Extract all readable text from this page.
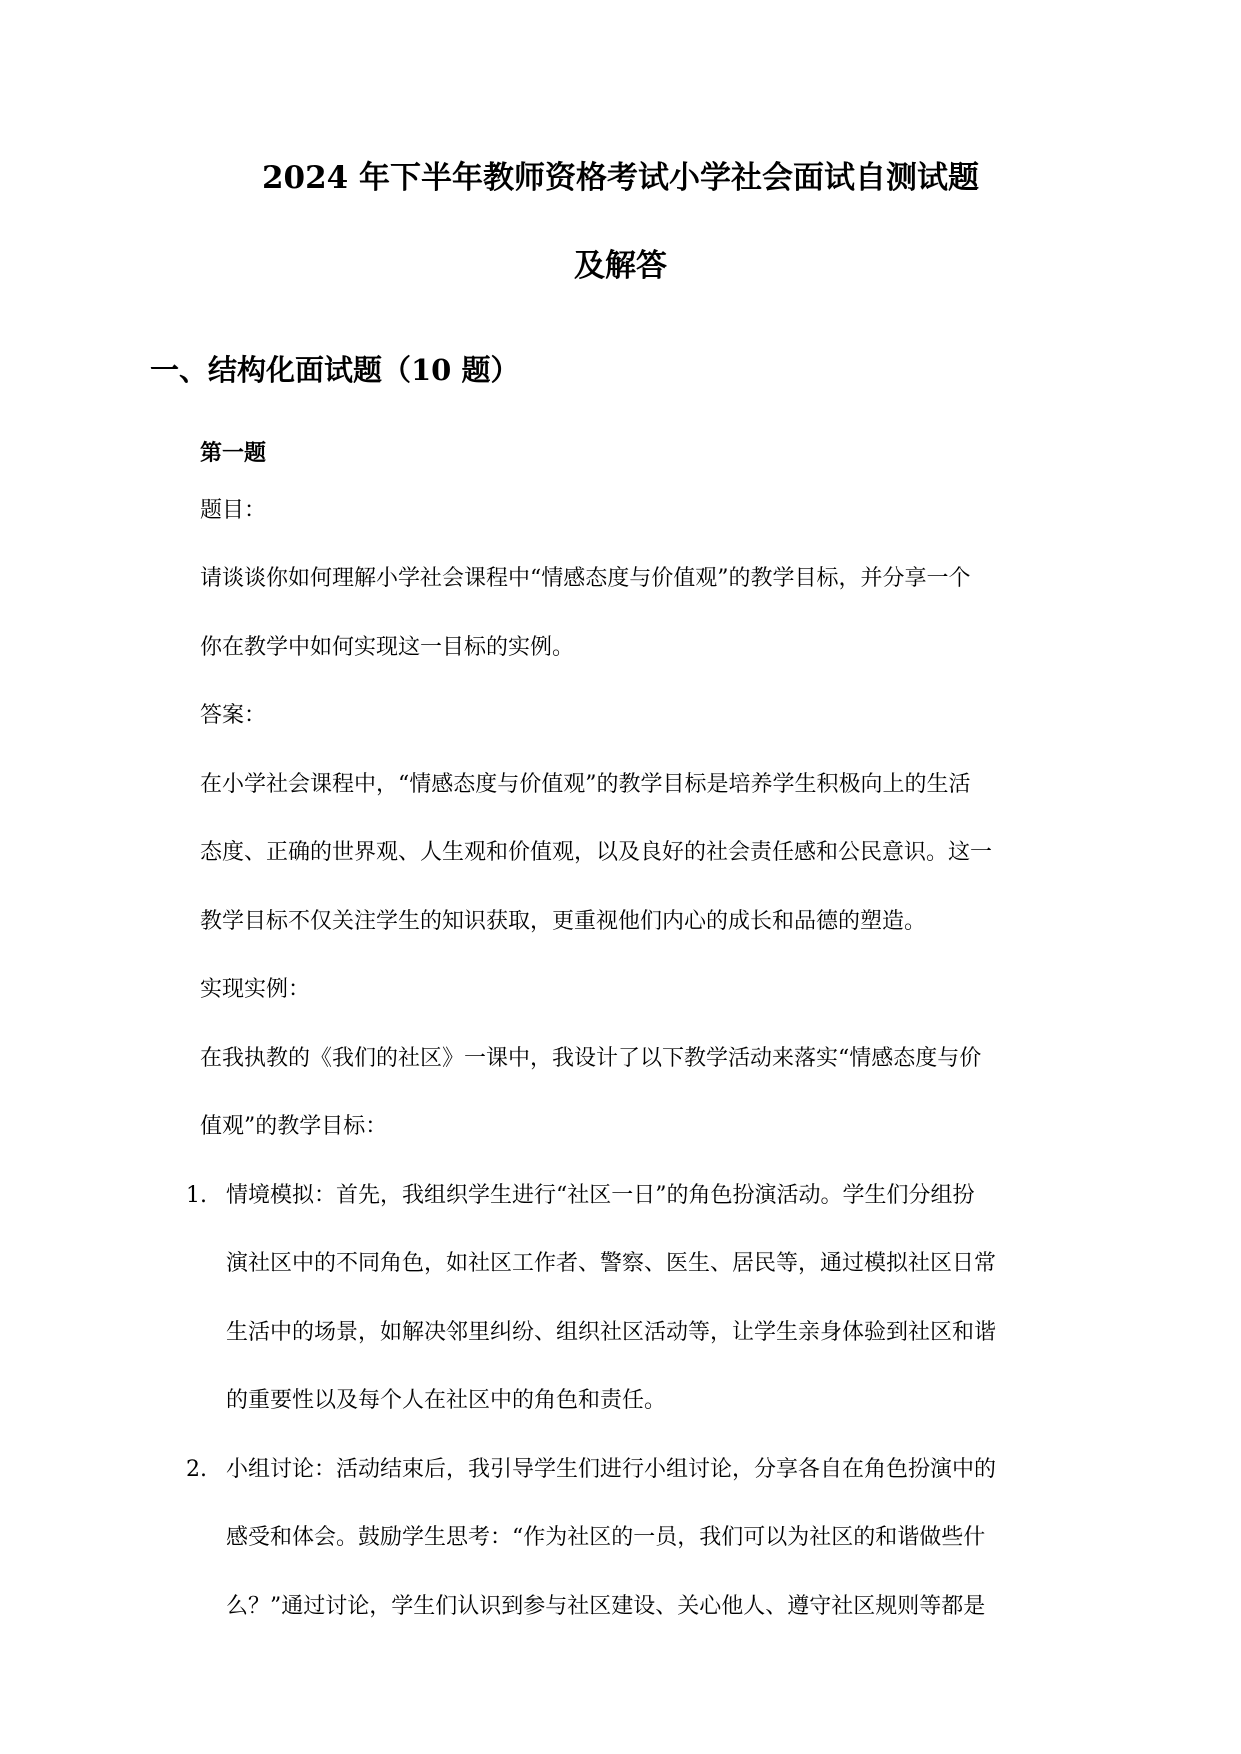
2024 年下半年教师资格考试小学社会面试自测试题
及解答
一、结构化面试题（10 题）
第一题

题目：

请谈谈你如何理解小学社会课程中“情感态度与价值观”的教学目标，并分享一个

你在教学中如何实现这一目标的实例。

答案：

在小学社会课程中，“情感态度与价值观”的教学目标是培养学生积极向上的生活

态度、正确的世界观、人生观和价值观，以及良好的社会责任感和公民意识。这一

教学目标不仅关注学生的知识获取，更重视他们内心的成长和品德的塑造。

实现实例：

在我执教的《我们的社区》一课中，我设计了以下教学活动来落实“情感态度与价

值观”的教学目标：

1. 情境模拟：首先，我组织学生进行“社区一日”的角色扮演活动。学生们分组扮

演社区中的不同角色，如社区工作者、警察、医生、居民等，通过模拟社区日常

生活中的场景，如解决邻里纠纷、组织社区活动等，让学生亲身体验到社区和谐

的重要性以及每个人在社区中的角色和责任。

2. 小组讨论：活动结束后，我引导学生们进行小组讨论，分享各自在角色扮演中的

感受和体会。鼓励学生思考：“作为社区的一员，我们可以为社区的和谐做些什

么？”通过讨论，学生们认识到参与社区建设、关心他人、遵守社区规则等都是
